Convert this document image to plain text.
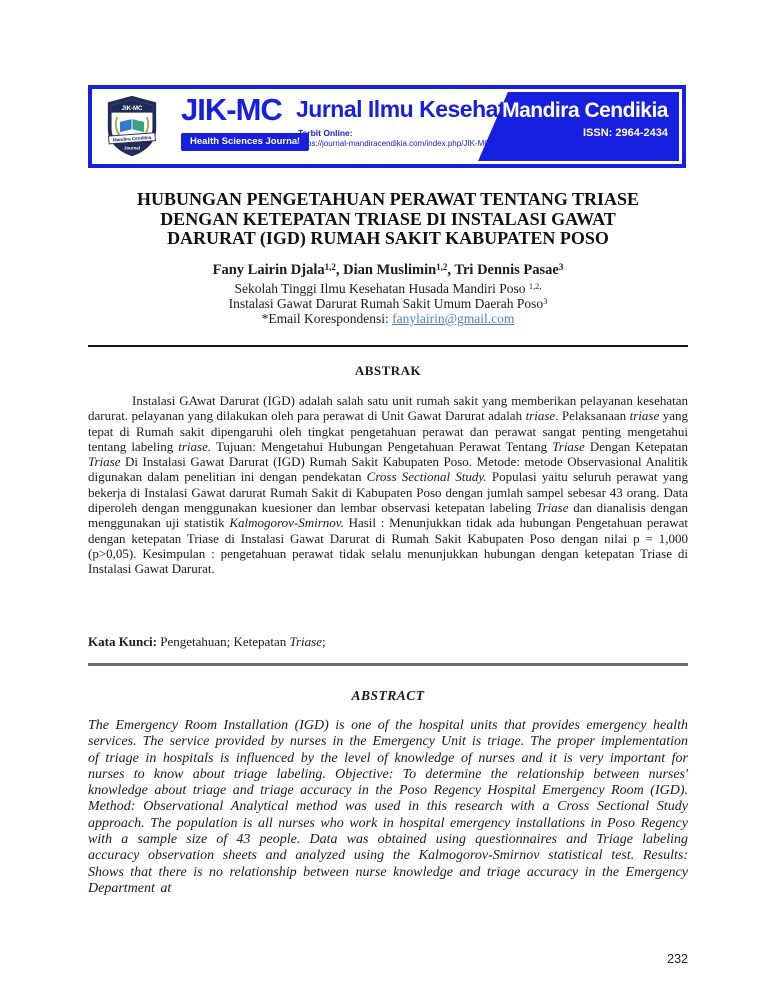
JIK-MC
Mandira Cendikia
Journal
JIK-MC
Health Sciences Journal
Jurnal Ilmu Kesehatan
Terbit Online:
https://journal-mandiracendikia.com/index.php/JIK-MC
Mandira Cendikia
ISSN: 2964-2434
HUBUNGAN PENGETAHUAN PERAWAT TENTANG TRIASE
DENGAN KETEPATAN TRIASE DI INSTALASI GAWAT
DARURAT (IGD) RUMAH SAKIT KABUPATEN POSO
Fany Lairin Djala$^{1,2}$, Dian Muslimin$^{1,2}$, Tri Dennis Pasae$^3$
Sekolah Tinggi Ilmu Kesehatan Husada Mandiri Poso $^{1,2,}$
Instalasi Gawat Darurat Rumah Sakit Umum Daerah Poso$^3$
*Email Korespondensi: fanylairin@gmail.com
ABSTRAK
Instalasi GAwat Darurat (IGD) adalah salah satu unit rumah sakit yang memberikan pelayanan kesehatan darurat. pelayanan yang dilakukan oleh para perawat di Unit Gawat Darurat adalah triase. Pelaksanaan triase yang tepat di Rumah sakit dipengaruhi oleh tingkat pengetahuan perawat dan perawat sangat penting mengetahui tentang labeling triase. Tujuan: Mengetahui Hubungan Pengetahuan Perawat Tentang Triase Dengan Ketepatan Triase Di Instalasi Gawat Darurat (IGD) Rumah Sakit Kabupaten Poso. Metode: metode Observasional Analitik digunakan dalam penelitian ini dengan pendekatan Cross Sectional Study. Populasi yaitu seluruh perawat yang bekerja di Instalasi Gawat darurat Rumah Sakit di Kabupaten Poso dengan jumlah sampel sebesar 43 orang. Data diperoleh dengan menggunakan kuesioner dan lembar observasi ketepatan labeling Triase dan dianalisis dengan menggunakan uji statistik Kalmogorov-Smirnov. Hasil : Menunjukkan tidak ada hubungan Pengetahuan perawat dengan ketepatan Triase di Instalasi Gawat Darurat di Rumah Sakit Kabupaten Poso dengan nilai p = 1,000 (p>0,05). Kesimpulan : pengetahuan perawat tidak selalu menunjukkan hubungan dengan ketepatan Triase di Instalasi Gawat Darurat.
Kata Kunci: Pengetahuan; Ketepatan Triase;
ABSTRACT
The Emergency Room Installation (IGD) is one of the hospital units that provides emergency health services. The service provided by nurses in the Emergency Unit is triage. The proper implementation of triage in hospitals is influenced by the level of knowledge of nurses and it is very important for nurses to know about triage labeling. Objective: To determine the relationship between nurses' knowledge about triage and triage accuracy in the Poso Regency Hospital Emergency Room (IGD). Method: Observational Analytical method was used in this research with a Cross Sectional Study approach. The population is all nurses who work in hospital emergency installations in Poso Regency with a sample size of 43 people. Data was obtained using questionnaires and Triage labeling accuracy observation sheets and analyzed using the Kalmogorov-Smirnov statistical test. Results: Shows that there is no relationship between nurse knowledge and triage accuracy in the Emergency Department at
232
